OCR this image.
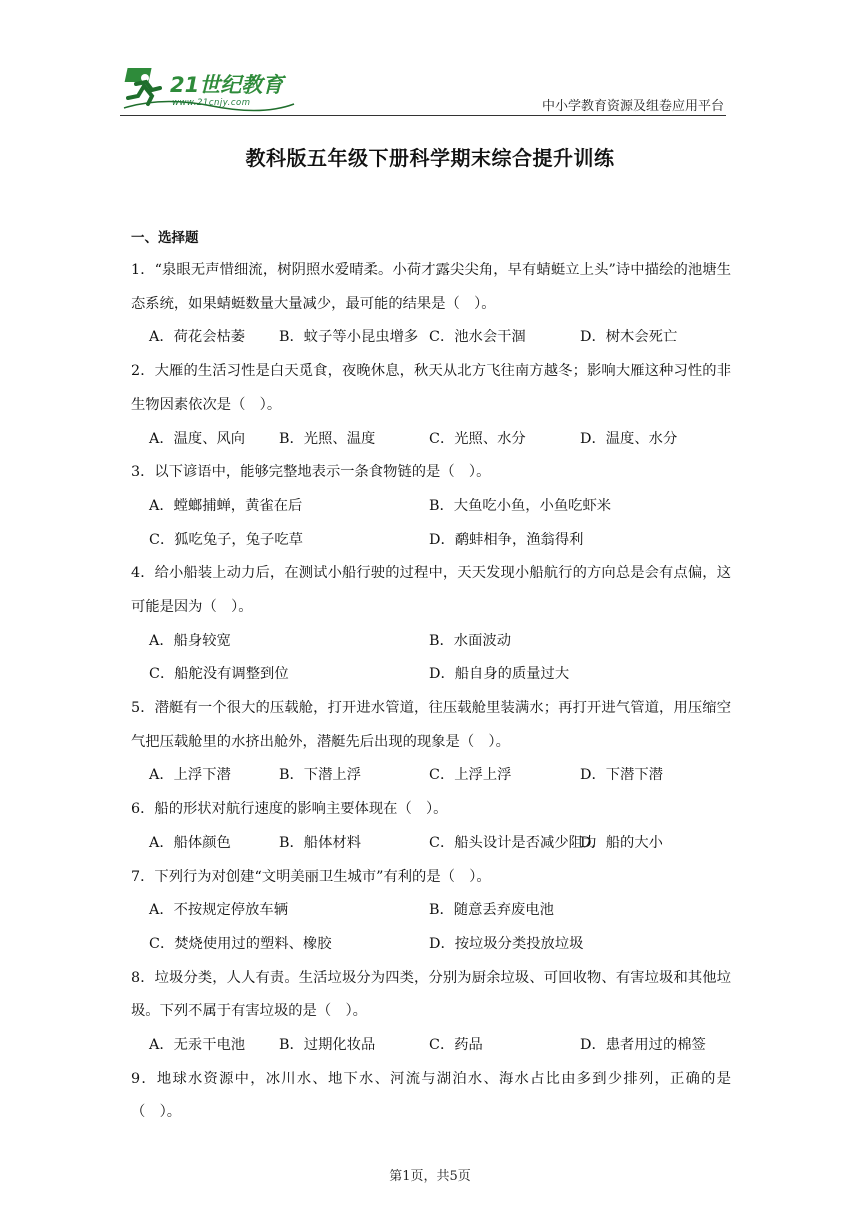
21世纪教育
www.21cnjy.com	中小学教育资源及组卷应用平台
教科版五年级下册科学期末综合提升训练
一、选择题
1．“泉眼无声惜细流，树阴照水爱晴柔。小荷才露尖尖角，早有蜻蜓立上头”诗中描绘的池塘生态系统，如果蜻蜓数量大量减少，最可能的结果是（　）。
A．荷花会枯萎 B．蚊子等小昆虫增多 C．池水会干涸	D．树木会死亡
2．大雁的生活习性是白天觅食，夜晚休息，秋天从北方飞往南方越冬；影响大雁这种习性的非生物因素依次是（　）。
A．温度、风向 B．光照、温度	C．光照、水分	D．温度、水分
3．以下谚语中，能够完整地表示一条食物链的是（　）。
A．螳螂捕蝉，黄雀在后	B．大鱼吃小鱼，小鱼吃虾米
C．狐吃兔子，兔子吃草	D．鹬蚌相争，渔翁得利
4．给小船装上动力后，在测试小船行驶的过程中，天天发现小船航行的方向总是会有点偏，这可能是因为（　）。
A．船身较宽	B．水面波动
C．船舵没有调整到位	D．船自身的质量过大
5．潜艇有一个很大的压载舱，打开进水管道，往压载舱里装满水；再打开进气管道，用压缩空气把压载舱里的水挤出舱外，潜艇先后出现的现象是（　）。
A．上浮下潜	B．下潜上浮	C．上浮上浮	D．下潜下潜
6．船的形状对航行速度的影响主要体现在（　）。
A．船体颜色	B．船体材料	C．船头设计是否减少阻力
D．船的大小
7．下列行为对创建“文明美丽卫生城市”有利的是（　）。
A．不按规定停放车辆	B．随意丢弃废电池
C．焚烧使用过的塑料、橡胶	D．按垃圾分类投放垃圾
8．垃圾分类，人人有责。生活垃圾分为四类，分别为厨余垃圾、可回收物、有害垃圾和其他垃圾。下列不属于有害垃圾的是（　）。
A．无汞干电池 B．过期化妆品	C．药品	D．患者用过的棉签
9．地球水资源中，冰川水、地下水、河流与湖泊水、海水占比由多到少排列，正确的是（　）。
第1页，共5页
